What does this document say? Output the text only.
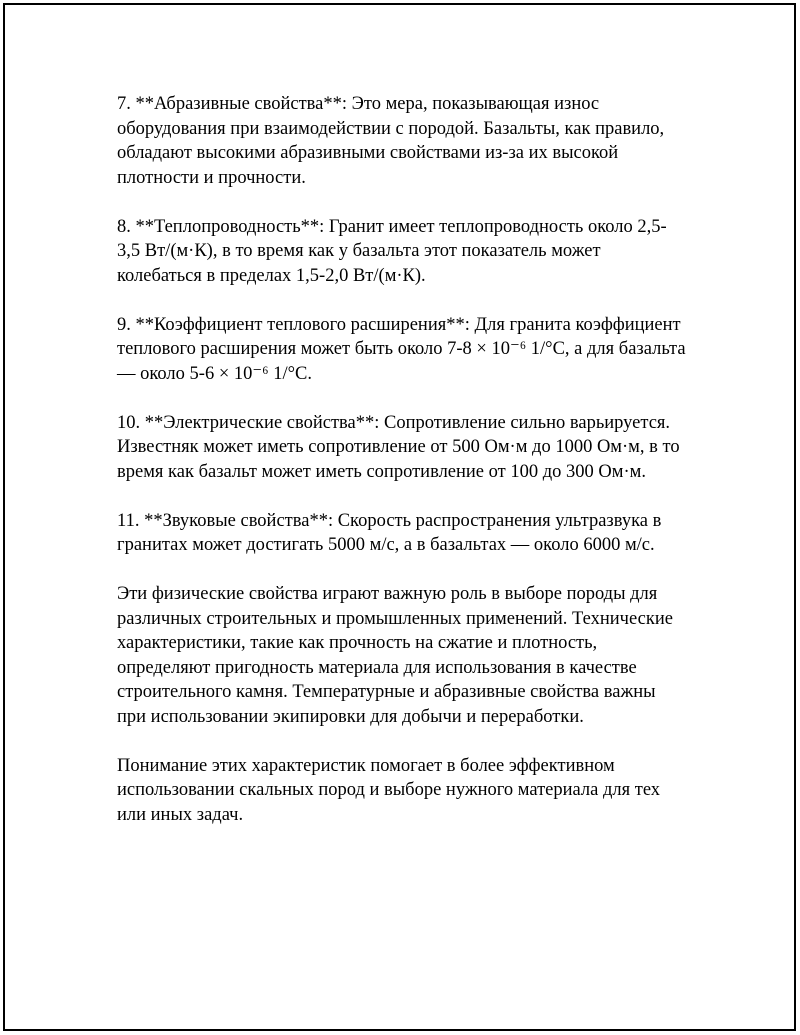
7. **Абразивные свойства**: Это мера, показывающая износ
оборудования при взаимодействии с породой. Базальты, как правило,
обладают высокими абразивными свойствами из-за их высокой
плотности и прочности.

8. **Теплопроводность**: Гранит имеет теплопроводность около 2,5-
3,5 Вт/(м·К), в то время как у базальта этот показатель может
колебаться в пределах 1,5-2,0 Вт/(м·К).

9. **Коэффициент теплового расширения**: Для гранита коэффициент
теплового расширения может быть около 7-8 × 10⁻⁶ 1/°C, а для базальта
— около 5-6 × 10⁻⁶ 1/°C.

10. **Электрические свойства**: Сопротивление сильно варьируется.
Известняк может иметь сопротивление от 500 Ом·м до 1000 Ом·м, в то
время как базальт может иметь сопротивление от 100 до 300 Ом·м.

11. **Звуковые свойства**: Скорость распространения ультразвука в
гранитах может достигать 5000 м/с, а в базальтах — около 6000 м/с.

Эти физические свойства играют важную роль в выборе породы для
различных строительных и промышленных применений. Технические
характеристики, такие как прочность на сжатие и плотность,
определяют пригодность материала для использования в качестве
строительного камня. Температурные и абразивные свойства важны
при использовании экипировки для добычи и переработки.

Понимание этих характеристик помогает в более эффективном
использовании скальных пород и выборе нужного материала для тех
или иных задач.
